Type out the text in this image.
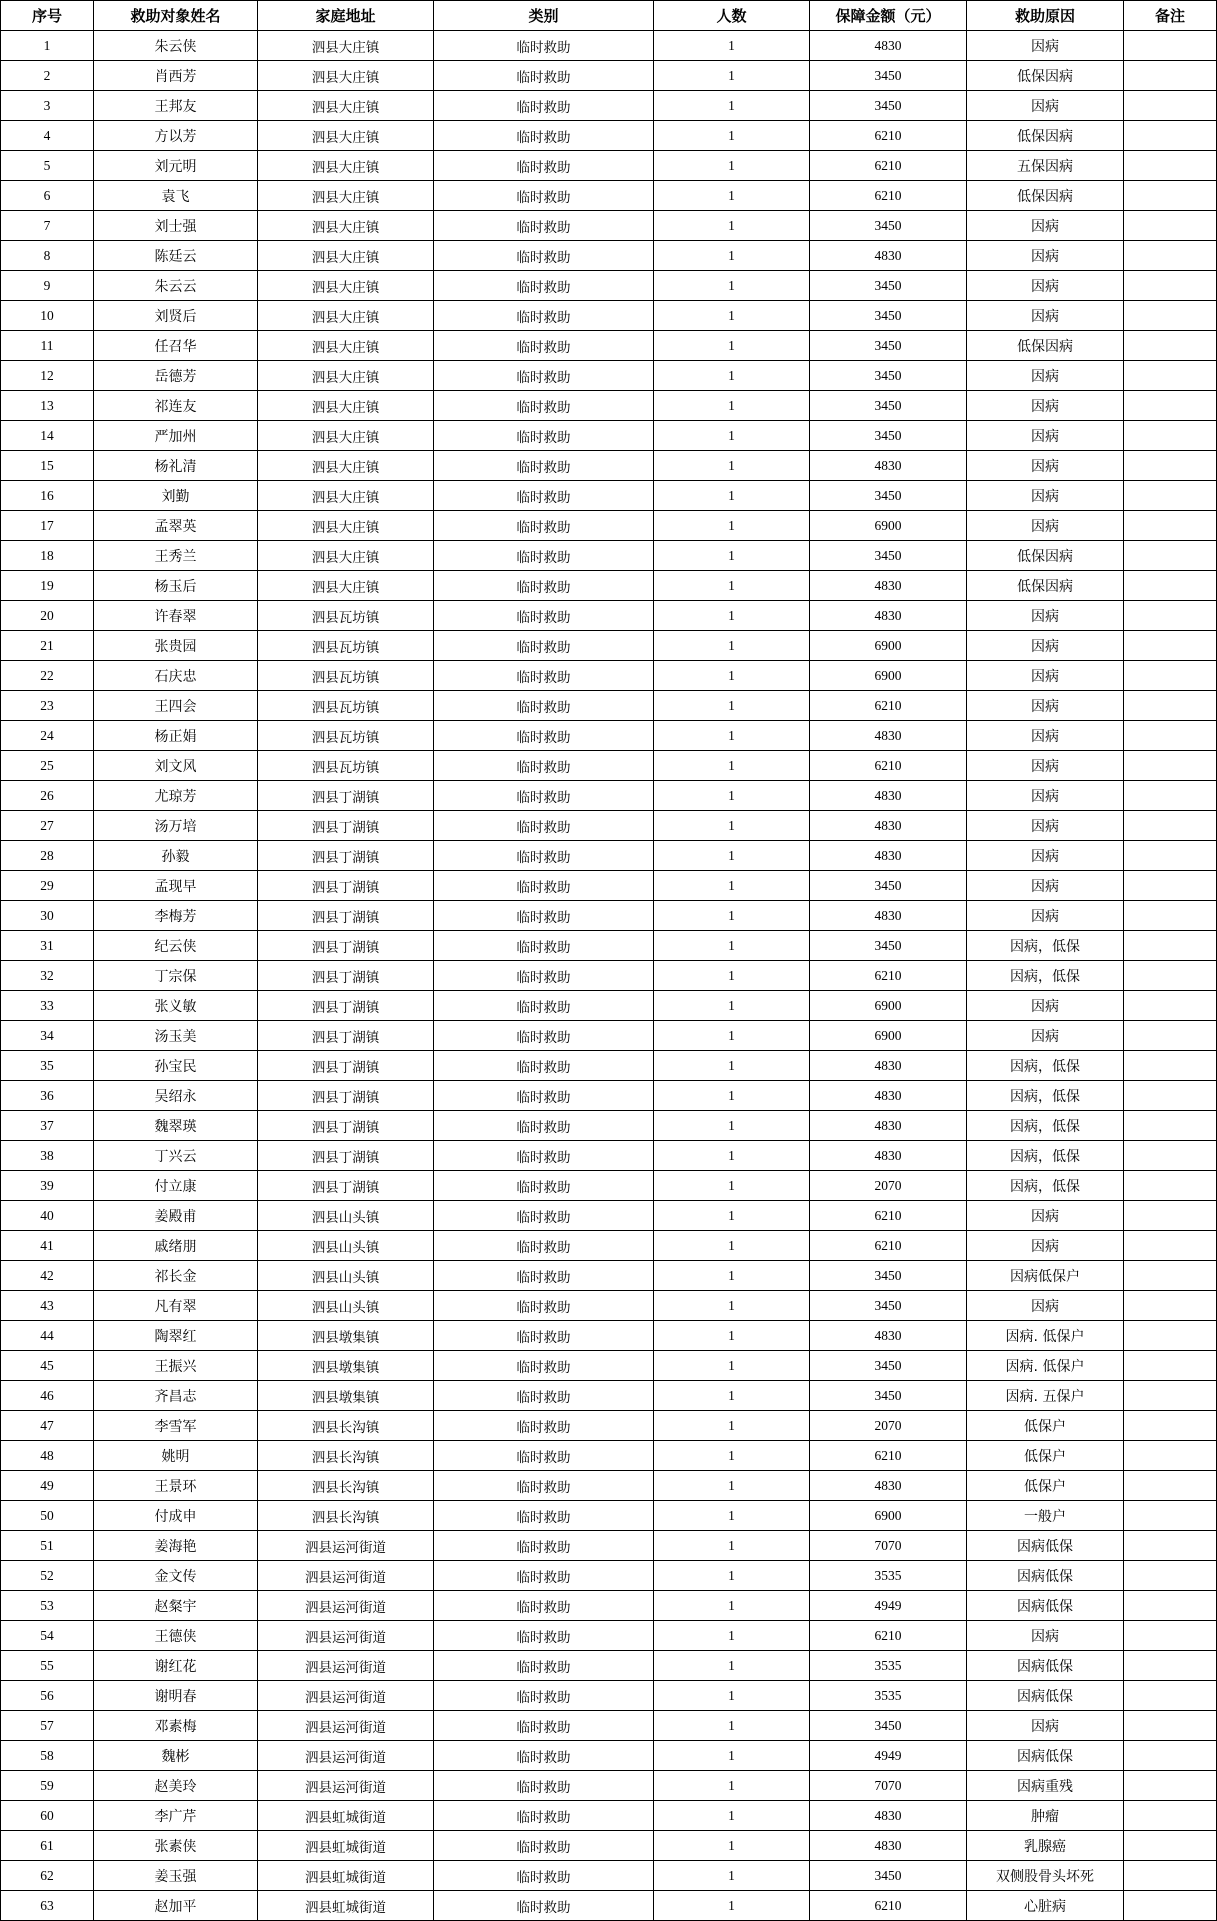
序号	救助对象姓名	家庭地址	类别	人数	保障金额（元）	救助原因	备注
1	朱云侠	泗县大庄镇	临时救助	1	4830	因病	
2	肖西芳	泗县大庄镇	临时救助	1	3450	低保因病	
3	王邦友	泗县大庄镇	临时救助	1	3450	因病	
4	方以芳	泗县大庄镇	临时救助	1	6210	低保因病	
5	刘元明	泗县大庄镇	临时救助	1	6210	五保因病	
6	袁飞	泗县大庄镇	临时救助	1	6210	低保因病	
7	刘士强	泗县大庄镇	临时救助	1	3450	因病	
8	陈廷云	泗县大庄镇	临时救助	1	4830	因病	
9	朱云云	泗县大庄镇	临时救助	1	3450	因病	
10	刘贤后	泗县大庄镇	临时救助	1	3450	因病	
11	任召华	泗县大庄镇	临时救助	1	3450	低保因病	
12	岳德芳	泗县大庄镇	临时救助	1	3450	因病	
13	祁连友	泗县大庄镇	临时救助	1	3450	因病	
14	严加州	泗县大庄镇	临时救助	1	3450	因病	
15	杨礼清	泗县大庄镇	临时救助	1	4830	因病	
16	刘勤	泗县大庄镇	临时救助	1	3450	因病	
17	孟翠英	泗县大庄镇	临时救助	1	6900	因病	
18	王秀兰	泗县大庄镇	临时救助	1	3450	低保因病	
19	杨玉后	泗县大庄镇	临时救助	1	4830	低保因病	
20	许春翠	泗县瓦坊镇	临时救助	1	4830	因病	
21	张贵园	泗县瓦坊镇	临时救助	1	6900	因病	
22	石庆忠	泗县瓦坊镇	临时救助	1	6900	因病	
23	王四会	泗县瓦坊镇	临时救助	1	6210	因病	
24	杨正娟	泗县瓦坊镇	临时救助	1	4830	因病	
25	刘文风	泗县瓦坊镇	临时救助	1	6210	因病	
26	尤琼芳	泗县丁湖镇	临时救助	1	4830	因病	
27	汤万培	泗县丁湖镇	临时救助	1	4830	因病	
28	孙毅	泗县丁湖镇	临时救助	1	4830	因病	
29	孟现早	泗县丁湖镇	临时救助	1	3450	因病	
30	李梅芳	泗县丁湖镇	临时救助	1	4830	因病	
31	纪云侠	泗县丁湖镇	临时救助	1	3450	因病，低保	
32	丁宗保	泗县丁湖镇	临时救助	1	6210	因病，低保	
33	张义敏	泗县丁湖镇	临时救助	1	6900	因病	
34	汤玉美	泗县丁湖镇	临时救助	1	6900	因病	
35	孙宝民	泗县丁湖镇	临时救助	1	4830	因病，低保	
36	吴绍永	泗县丁湖镇	临时救助	1	4830	因病，低保	
37	魏翠瑛	泗县丁湖镇	临时救助	1	4830	因病，低保	
38	丁兴云	泗县丁湖镇	临时救助	1	4830	因病，低保	
39	付立康	泗县丁湖镇	临时救助	1	2070	因病，低保	
40	姜殿甫	泗县山头镇	临时救助	1	6210	因病	
41	戚绪朋	泗县山头镇	临时救助	1	6210	因病	
42	祁长金	泗县山头镇	临时救助	1	3450	因病低保户	
43	凡有翠	泗县山头镇	临时救助	1	3450	因病	
44	陶翠红	泗县墩集镇	临时救助	1	4830	因病. 低保户	
45	王振兴	泗县墩集镇	临时救助	1	3450	因病. 低保户	
46	齐昌志	泗县墩集镇	临时救助	1	3450	因病. 五保户	
47	李雪军	泗县长沟镇	临时救助	1	2070	低保户	
48	姚明	泗县长沟镇	临时救助	1	6210	低保户	
49	王景环	泗县长沟镇	临时救助	1	4830	低保户	
50	付成申	泗县长沟镇	临时救助	1	6900	一般户	
51	姜海艳	泗县运河街道	临时救助	1	7070	因病低保	
52	金文传	泗县运河街道	临时救助	1	3535	因病低保	
53	赵粲宇	泗县运河街道	临时救助	1	4949	因病低保	
54	王德侠	泗县运河街道	临时救助	1	6210	因病	
55	谢红花	泗县运河街道	临时救助	1	3535	因病低保	
56	谢明春	泗县运河街道	临时救助	1	3535	因病低保	
57	邓素梅	泗县运河街道	临时救助	1	3450	因病	
58	魏彬	泗县运河街道	临时救助	1	4949	因病低保	
59	赵美玲	泗县运河街道	临时救助	1	7070	因病重残	
60	李广芹	泗县虹城街道	临时救助	1	4830	肿瘤	
61	张素侠	泗县虹城街道	临时救助	1	4830	乳腺癌	
62	姜玉强	泗县虹城街道	临时救助	1	3450	双侧股骨头坏死	
63	赵加平	泗县虹城街道	临时救助	1	6210	心脏病	
